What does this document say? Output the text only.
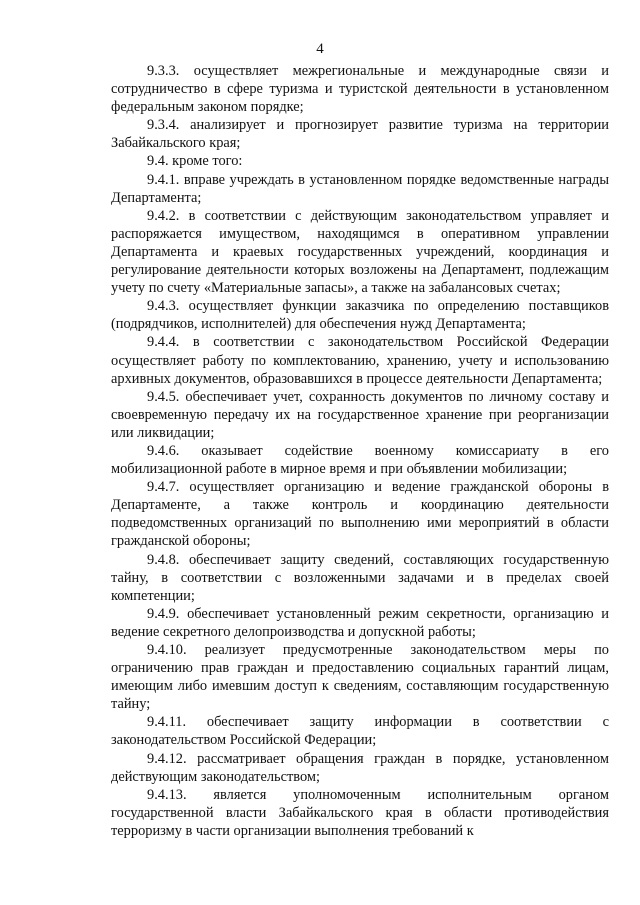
4

9.3.3. осуществляет межрегиональные и международные связи и сотрудничество в сфере туризма и туристской деятельности в установленном федеральным законом порядке;

9.3.4. анализирует и прогнозирует развитие туризма на территории Забайкальского края;

9.4. кроме того:

9.4.1. вправе учреждать в установленном порядке ведомственные награды Департамента;

9.4.2. в соответствии с действующим законодательством управляет и распоряжается имуществом, находящимся в оперативном управлении Департамента и краевых государственных учреждений, координация и регулирование деятельности которых возложены на Департамент, подлежащим учету по счету «Материальные запасы», а также на забалансовых счетах;

9.4.3. осуществляет функции заказчика по определению поставщиков (подрядчиков, исполнителей) для обеспечения нужд Департамента;

9.4.4. в соответствии с законодательством Российской Федерации осуществляет работу по комплектованию, хранению, учету и использованию архивных документов, образовавшихся в процессе деятельности Департамента;

9.4.5. обеспечивает учет, сохранность документов по личному составу и своевременную передачу их на государственное хранение при реорганизации или ликвидации;

9.4.6. оказывает содействие военному комиссариату в его мобилизационной работе в мирное время и при объявлении мобилизации;

9.4.7. осуществляет организацию и ведение гражданской обороны в Департаменте, а также контроль и координацию деятельности подведомственных организаций по выполнению ими мероприятий в области гражданской обороны;

9.4.8. обеспечивает защиту сведений, составляющих государственную тайну, в соответствии с возложенными задачами и в пределах своей компетенции;

9.4.9. обеспечивает установленный режим секретности, организацию и ведение секретного делопроизводства и допускной работы;

9.4.10. реализует предусмотренные законодательством меры по ограничению прав граждан и предоставлению социальных гарантий лицам, имеющим либо имевшим доступ к сведениям, составляющим государственную тайну;

9.4.11. обеспечивает защиту информации в соответствии с законодательством Российской Федерации;

9.4.12. рассматривает обращения граждан в порядке, установленном действующим законодательством;

9.4.13. является уполномоченным исполнительным органом государственной власти Забайкальского края в области противодействия терроризму в части организации выполнения требований к
